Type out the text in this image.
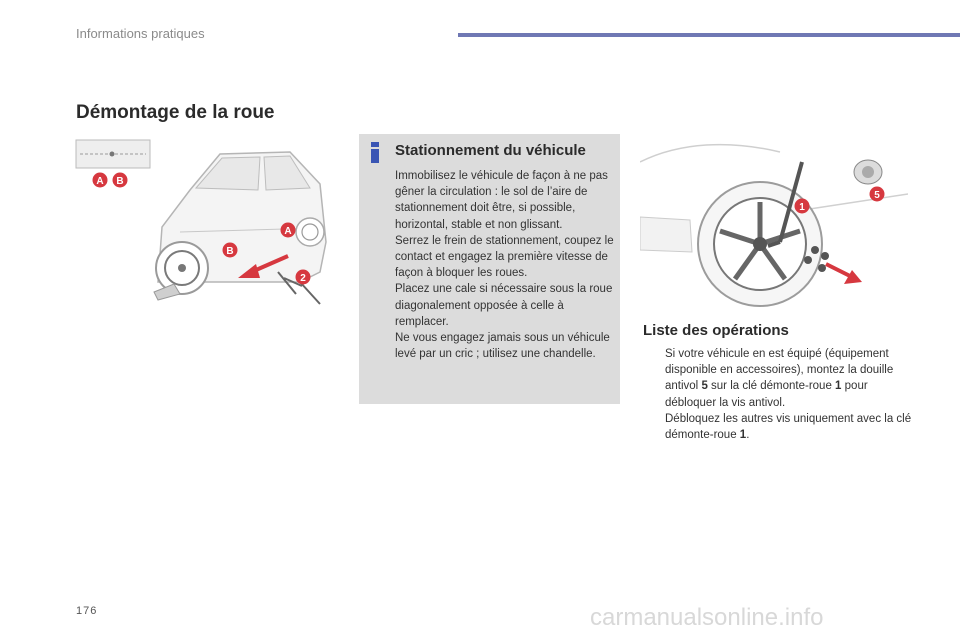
Informations pratiques
Démontage de la roue
A B
A
B
2
Stationnement du véhicule
Immobilisez le véhicule de façon à ne pas gêner la circulation : le sol de l’aire de stationnement doit être, si possible, horizontal, stable et non glissant.
Serrez le frein de stationnement, coupez le contact et engagez la première vitesse de façon à bloquer les roues.
Placez une cale si nécessaire sous la roue diagonalement opposée à celle à remplacer.
Ne vous engagez jamais sous un véhicule levé par un cric ; utilisez une chandelle.
1
5
Liste des opérations
Si votre véhicule en est équipé (équipement disponible en accessoires), montez la douille antivol 5 sur la clé démonte-roue 1 pour débloquer la vis antivol.
Débloquez les autres vis uniquement avec la clé démonte-roue 1.
176	carmanualsonline.info
